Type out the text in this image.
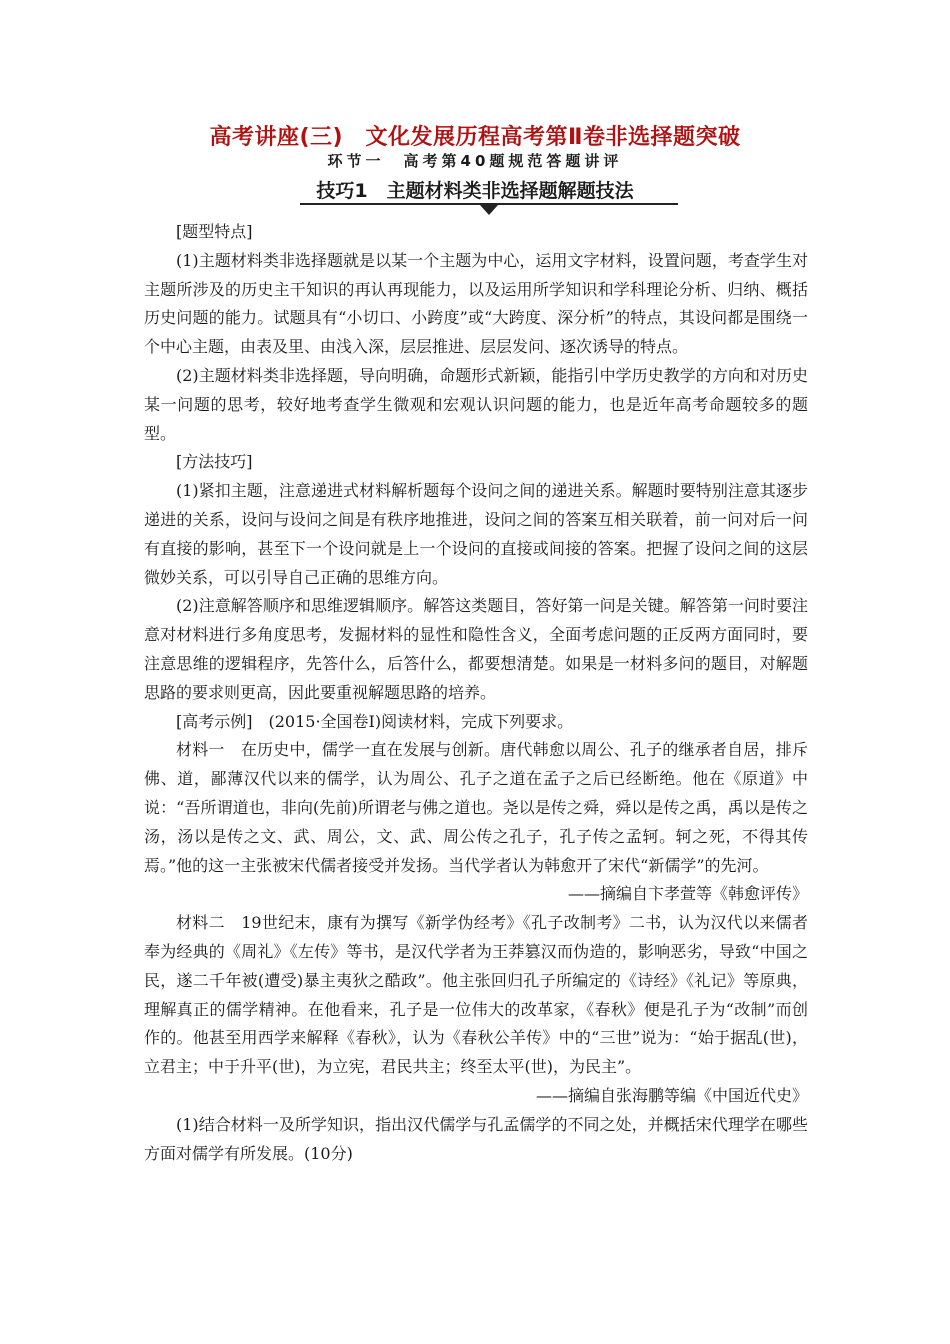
高考讲座(三)　文化发展历程高考第Ⅱ卷非选择题突破
环节一　高考第40题规范答题讲评
技巧1　主题材料类非选择题解题技法

[题型特点]

(1)主题材料类非选择题就是以某一个主题为中心，运用文字材料，设置问题，考查学生对主题所涉及的历史主干知识的再认再现能力，以及运用所学知识和学科理论分析、归纳、概括历史问题的能力。试题具有“小切口、小跨度”或“大跨度、深分析”的特点，其设问都是围绕一个中心主题，由表及里、由浅入深，层层推进、层层发问、逐次诱导的特点。

(2)主题材料类非选择题，导向明确，命题形式新颖，能指引中学历史教学的方向和对历史某一问题的思考，较好地考查学生微观和宏观认识问题的能力，也是近年高考命题较多的题型。

[方法技巧]

(1)紧扣主题，注意递进式材料解析题每个设问之间的递进关系。解题时要特别注意其逐步递进的关系，设问与设问之间是有秩序地推进，设问之间的答案互相关联着，前一问对后一问有直接的影响，甚至下一个设问就是上一个设问的直接或间接的答案。把握了设问之间的这层微妙关系，可以引导自己正确的思维方向。

(2)注意解答顺序和思维逻辑顺序。解答这类题目，答好第一问是关键。解答第一问时要注意对材料进行多角度思考，发掘材料的显性和隐性含义，全面考虑问题的正反两方面同时，要注意思维的逻辑程序，先答什么，后答什么，都要想清楚。如果是一材料多问的题目，对解题思路的要求则更高，因此要重视解题思路的培养。

[高考示例]　(2015·全国卷Ⅰ)阅读材料，完成下列要求。

材料一　在历史中，儒学一直在发展与创新。唐代韩愈以周公、孔子的继承者自居，排斥佛、道，鄙薄汉代以来的儒学，认为周公、孔子之道在孟子之后已经断绝。他在《原道》中说：“吾所谓道也，非向(先前)所谓老与佛之道也。尧以是传之舜，舜以是传之禹，禹以是传之汤，汤以是传之文、武、周公，文、武、周公传之孔子，孔子传之孟轲。轲之死，不得其传焉。”他的这一主张被宋代儒者接受并发扬。当代学者认为韩愈开了宋代“新儒学”的先河。

——摘编自卞孝萱等《韩愈评传》

材料二　19世纪末，康有为撰写《新学伪经考》《孔子改制考》二书，认为汉代以来儒者奉为经典的《周礼》《左传》等书，是汉代学者为王莽篡汉而伪造的，影响恶劣，导致“中国之民，遂二千年被(遭受)暴主夷狄之酷政”。他主张回归孔子所编定的《诗经》《礼记》等原典，理解真正的儒学精神。在他看来，孔子是一位伟大的改革家，《春秋》便是孔子为“改制”而创作的。他甚至用西学来解释《春秋》，认为《春秋公羊传》中的“三世”说为：“始于据乱(世)，立君主；中于升平(世)，为立宪，君民共主；终至太平(世)，为民主”。

——摘编自张海鹏等编《中国近代史》

(1)结合材料一及所学知识，指出汉代儒学与孔孟儒学的不同之处，并概括宋代理学在哪些方面对儒学有所发展。(10分)
